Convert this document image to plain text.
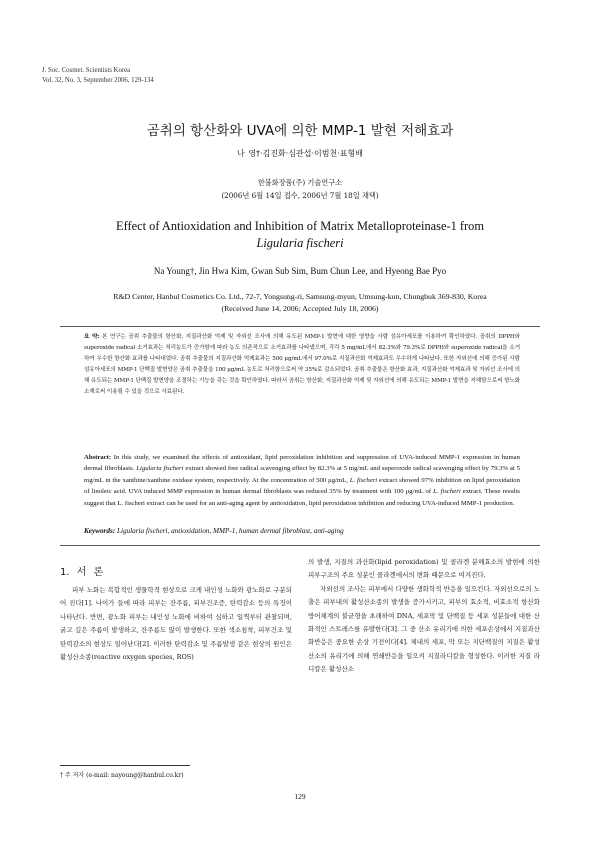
J. Soc. Cosmet. Scientists Korea
Vol. 32, No. 3, September 2006, 129-134
곰취의 항산화와 UVA에 의한 MMP-1 발현 저해효과
나 영†·김진화·심관섭·이범천·표형배
한불화장품(주) 기술연구소
(2006년 6월 14일 접수, 2006년 7월 18일 채택)
Effect of Antioxidation and Inhibition of Matrix Metalloproteinase-1 from
Ligularia fischeri
Na Young†, Jin Hwa Kim, Gwan Sub Sim, Bum Chun Lee, and Hyeong Bae Pyo
R&D Center, Hanbul Cosmetics Co. Ltd., 72-7, Yongsung-ri, Samsung-myun, Umsung-kun, Chungbuk 369-830, Korea
(Received June 14, 2006; Accepted July 18, 2006)
요 약: 본 연구는 곰취 추출물의 항산화, 지질과산화 억제 및 자외선 조사에 의해 유도된 MMP-1 발현에 대한 영향을 사람 섬유아세포를 이용하여 확인하였다. 곰취의 DPPH와 superoxide radical 소거효과는 처리농도가 증가함에 따라 농도 의존적으로 소거효과를 나타냈으며, 각각 5 mg/mL에서 82.3%와 79.3%로 DPPH와 superoxide radical을 소거하여 우수한 항산화 효과를 나타내었다. 곰취 추출물의 지질과산화 억제효과는 500 μg/mL에서 97.0%로 지질과산화 억제효과도 우수하게 나타났다. 또한 자외선에 의해 증가된 사람 섬유아세포의 MMP-1 단백질 발현양은 곰취 추출물을 100 μg/mL 농도로 처리함으로써 약 35%로 감소되었다. 곰취 추출물은 항산화 효과, 지질과산화 억제효과 및 자외선 조사에 의해 유도되는 MMP-1 단백질 발현양을 조절하는 기능을 갖는 것을 확인하였다. 따라서 곰취는 항산화, 지질과산화 억제 및 자외선에 의해 유도되는 MMP-1 발현을 저해함으로써 항노화 소재로써 이용될 수 있을 것으로 사료된다.
Abstract: In this study, we examined the effects of antioxidant, lipid peroxidation inhibition and suppression of UVA-induced MMP-1 expression in human dermal fibroblasts. Ligularia fischeri extract showed free radical scavenging effect by 82.3% at 5 mg/mL and superoxide radical scavenging effect by 79.3% at 5 mg/mL in the xanthine/xanthine oxidase system, respectively. At the concentration of 500 μg/mL, L. fischeri extract showed 97% inhibition on lipid peroxidation of linoleic acid. UVA induced MMP expression in human dermal fibroblasts was reduced 35% by treatment with 100 μg/mL of L. fischeri extract. These results suggest that L. fischeri extract can be used for an anti-aging agent by antioxidation, lipid peroxidation inhibition and reducing UVA-induced MMP-1 production.
Keywords: Ligularia fischeri, antioxidation, MMP-1, human dermal fibroblast, anti-aging
1. 서 론

피부 노화는 복합적인 생물학적 현상으로 크게 내인성 노화와 광노화로 구분되어 진다[1]. 나이가 들에 따라 피부는 잔주름, 피부건조증, 탄력감소 등의 특징이 나타난다. 반면, 광노화 피부는 내인성 노화에 비하여 심하고 일찍부터 관찰되며, 굵고 깊은 주름이 발생하고, 잔주름도 많이 발생한다. 또한 색소침착, 피부건조 및 탄력감소의 현상도 일어난다[2]. 이러한 탄력감소 및 주름발생 같은 현상의 원인은 활성산소종(reactive oxygen species, ROS)

의 발생, 지질의 과산화(lipid peroxidation) 및 콜라겐 분해효소의 발현에 의한 피부구조의 주요 성분인 콜라겐에서의 변화 때문으로 여겨진다.

자외선의 조사는 피부에서 다양한 생화학적 반응을 일으킨다. 자외선으로의 노출은 피부내의 활성산소종의 발생을 증가시키고, 피부의 효소적, 비효소적 항산화 방어체계의 불균형을 초래하여 DNA, 세포막 및 단백질 등 세포 성분들에 대한 산화적인 스트레스를 유발한다[3]. 그 중 산소 유리기에 의한 세포손상에서 지질과산화반응은 중요한 손상 기전이다[4]. 체내의 세포, 막 또는 지단백질의 지질은 활성산소의 유리기에 의해 연쇄반응을 일으켜 지질라디칼을 형성한다. 이러한 지질 라디칼은 활성산소

† 주 저자 (e-mail: nayoung@hanbul.co.kr)
129
